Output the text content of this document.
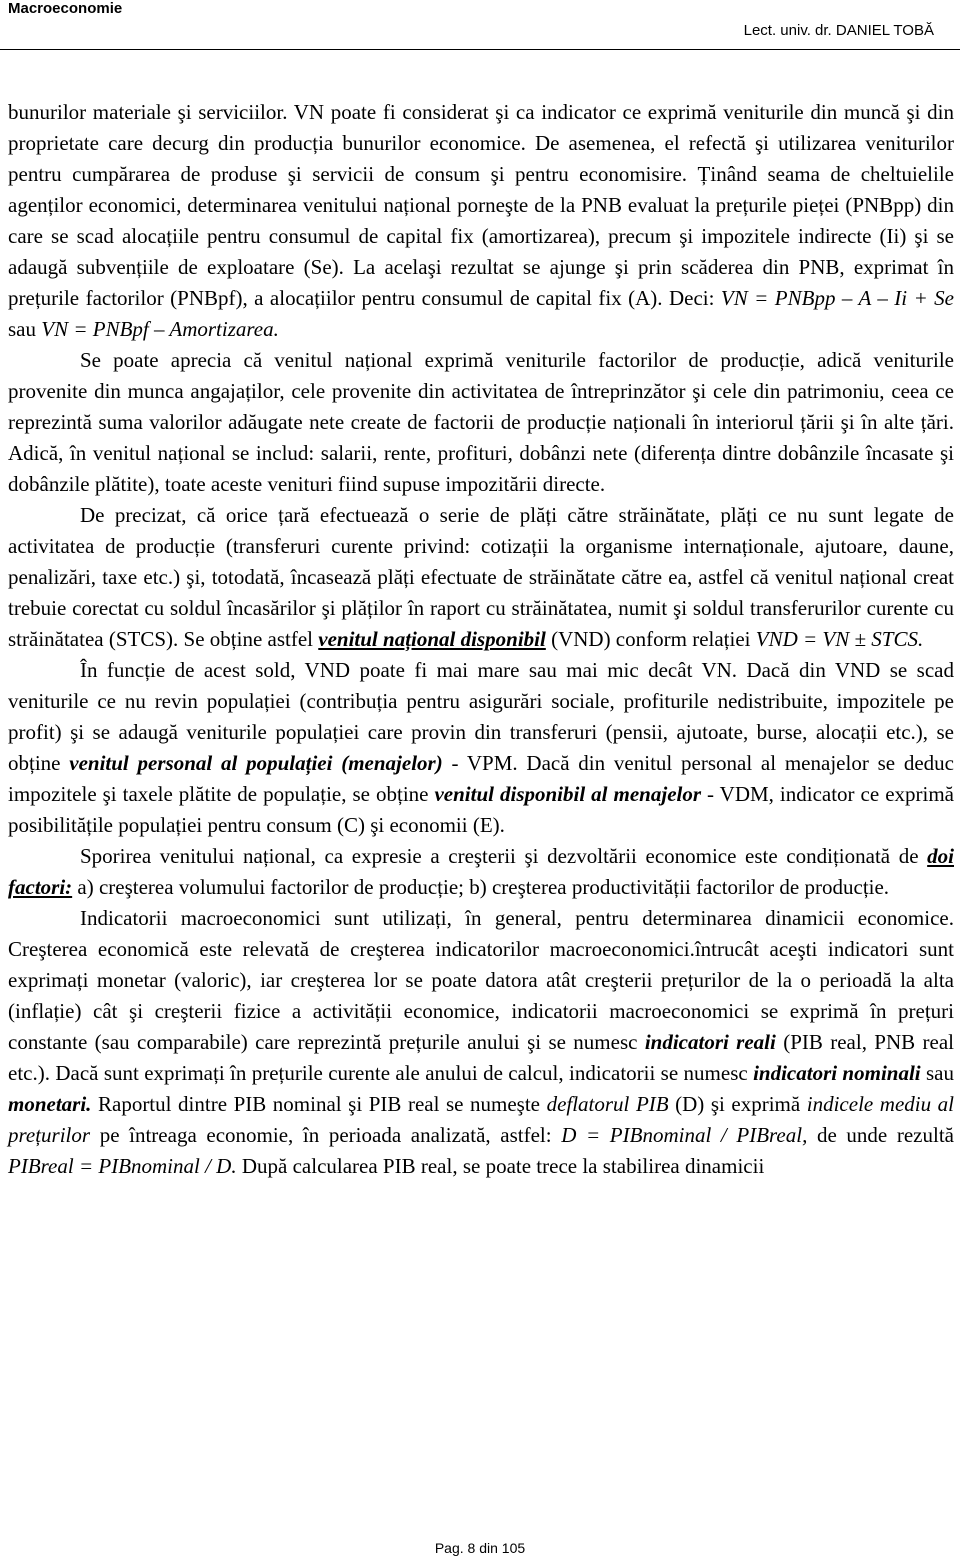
Macroeconomie
Lect. univ. dr. DANIEL TOBĂ

bunurilor materiale şi serviciilor. VN poate fi considerat şi ca indicator ce exprimă veniturile din muncă şi din proprietate care decurg din producția bunurilor economice. De asemenea, el refectă şi utilizarea veniturilor pentru cumpărarea de produse şi servicii de consum şi pentru economisire. Ținând seama de cheltuielile agenților economici, determinarea venitului național porneşte de la PNB evaluat la prețurile pieței (PNBpp) din care se scad alocațiile pentru consumul de capital fix (amortizarea), precum şi impozitele indirecte (Ii) şi se adaugă subvențiile de exploatare (Se). La acelaşi rezultat se ajunge şi prin scăderea din PNB, exprimat în prețurile factorilor (PNBpf), a alocațiilor pentru consumul de capital fix (A). Deci: VN = PNBpp – A – Ii + Se sau VN = PNBpf – Amortizarea.

Se poate aprecia că venitul național exprimă veniturile factorilor de producție, adică veniturile provenite din munca angajaților, cele provenite din activitatea de întreprinzător şi cele din patrimoniu, ceea ce reprezintă suma valorilor adăugate nete create de factorii de producție naționali în interiorul țării şi în alte țări. Adică, în venitul național se includ: salarii, rente, profituri, dobânzi nete (diferența dintre dobânzile încasate şi dobânzile plătite), toate aceste venituri fiind supuse impozitării directe.

De precizat, că orice țară efectuează o serie de plăți către străinătate, plăți ce nu sunt legate de activitatea de producție (transferuri curente privind: cotizații la organisme internaționale, ajutoare, daune, penalizări, taxe etc.) şi, totodată, încasează plăți efectuate de străinătate către ea, astfel că venitul național creat trebuie corectat cu soldul încasărilor şi plăților în raport cu străinătatea, numit şi soldul transferurilor curente cu străinătatea (STCS). Se obține astfel venitul național disponibil (VND) conform relației VND = VN ± STCS.

În funcție de acest sold, VND poate fi mai mare sau mai mic decât VN. Dacă din VND se scad veniturile ce nu revin populației (contribuția pentru asigurări sociale, profiturile nedistribuite, impozitele pe profit) şi se adaugă veniturile populației care provin din transferuri (pensii, ajutoate, burse, alocații etc.), se obține venitul personal al populației (menajelor) - VPM. Dacă din venitul personal al menajelor se deduc impozitele şi taxele plătite de populație, se obține venitul disponibil al menajelor - VDM, indicator ce exprimă posibilitățile populației pentru consum (C) şi economii (E).

Sporirea venitului național, ca expresie a creşterii şi dezvoltării economice este condiționată de doi factori: a) creşterea volumului factorilor de producție; b) creşterea productivității factorilor de producție.

Indicatorii macroeconomici sunt utilizați, în general, pentru determinarea dinamicii economice. Creşterea economică este relevată de creşterea indicatorilor macroeconomici.întrucât aceşti indicatori sunt exprimați monetar (valoric), iar creşterea lor se poate datora atât creşterii prețurilor de la o perioadă la alta (inflație) cât şi creşterii fizice a activității economice, indicatorii macroeconomici se exprimă în prețuri constante (sau comparabile) care reprezintă prețurile anului şi se numesc indicatori reali (PIB real, PNB real etc.). Dacă sunt exprimați în prețurile curente ale anului de calcul, indicatorii se numesc indicatori nominali sau monetari. Raportul dintre PIB nominal şi PIB real se numeşte deflatorul PIB (D) şi exprimă indicele mediu al prețurilor pe întreaga economie, în perioada analizată, astfel: D = PIBnominal / PIBreal, de unde rezultă PIBreal = PIBnominal / D. După calcularea PIB real, se poate trece la stabilirea dinamicii

Pag. 8 din 105
